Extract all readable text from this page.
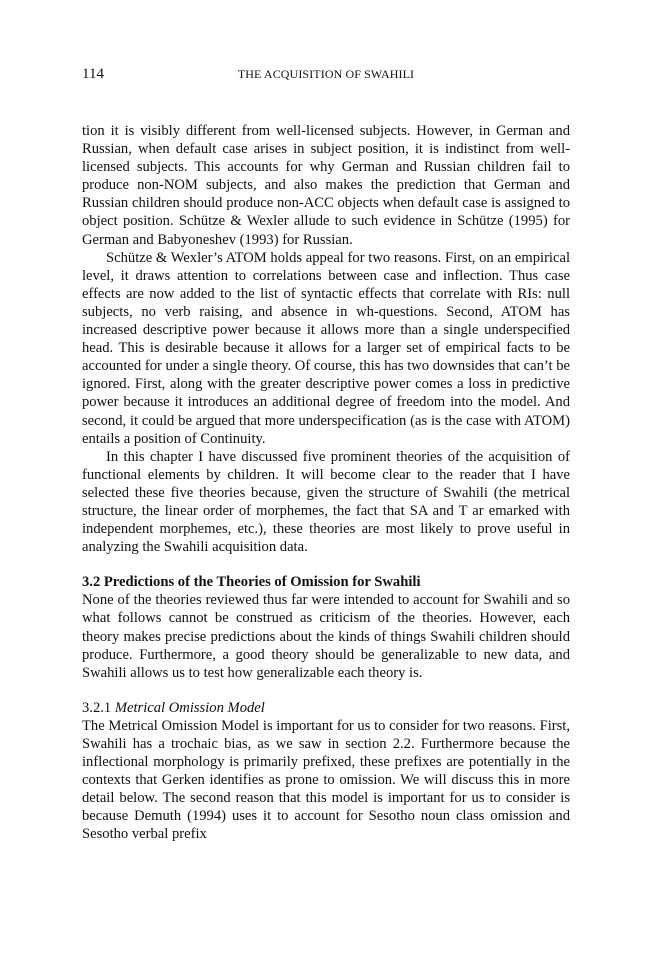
114	THE ACQUISITION OF SWAHILI

tion it is visibly different from well-licensed subjects. However, in German and Russian, when default case arises in subject position, it is indistinct from well-licensed subjects. This accounts for why German and Russian children fail to produce non-NOM subjects, and also makes the prediction that German and Russian children should produce non-ACC objects when default case is assigned to object position. Schütze & Wexler allude to such evidence in Schütze (1995) for German and Babyoneshev (1993) for Russian.

Schütze & Wexler’s ATOM holds appeal for two reasons. First, on an empirical level, it draws attention to correlations between case and inflection. Thus case effects are now added to the list of syntactic effects that correlate with RIs: null subjects, no verb raising, and absence in wh-questions. Second, ATOM has increased descriptive power because it allows more than a single underspecified head. This is desirable because it allows for a larger set of empirical facts to be accounted for under a single theory. Of course, this has two downsides that can’t be ignored. First, along with the greater descriptive power comes a loss in predictive power because it introduces an additional degree of freedom into the model. And second, it could be argued that more underspecification (as is the case with ATOM) entails a position of Continuity.

In this chapter I have discussed five prominent theories of the acquisition of functional elements by children. It will become clear to the reader that I have selected these five theories because, given the structure of Swahili (the metrical structure, the linear order of morphemes, the fact that SA and T ar emarked with independent morphemes, etc.), these theories are most likely to prove useful in analyzing the Swahili acquisition data.

3.2 Predictions of the Theories of Omission for Swahili

None of the theories reviewed thus far were intended to account for Swahili and so what follows cannot be construed as criticism of the theories. However, each theory makes precise predictions about the kinds of things Swahili children should produce. Furthermore, a good theory should be generalizable to new data, and Swahili allows us to test how generalizable each theory is.

3.2.1 Metrical Omission Model

The Metrical Omission Model is important for us to consider for two reasons. First, Swahili has a trochaic bias, as we saw in section 2.2. Furthermore because the inflectional morphology is primarily prefixed, these prefixes are potentially in the contexts that Gerken identifies as prone to omission. We will discuss this in more detail below. The second reason that this model is important for us to consider is because Demuth (1994) uses it to account for Sesotho noun class omission and Sesotho verbal prefix
